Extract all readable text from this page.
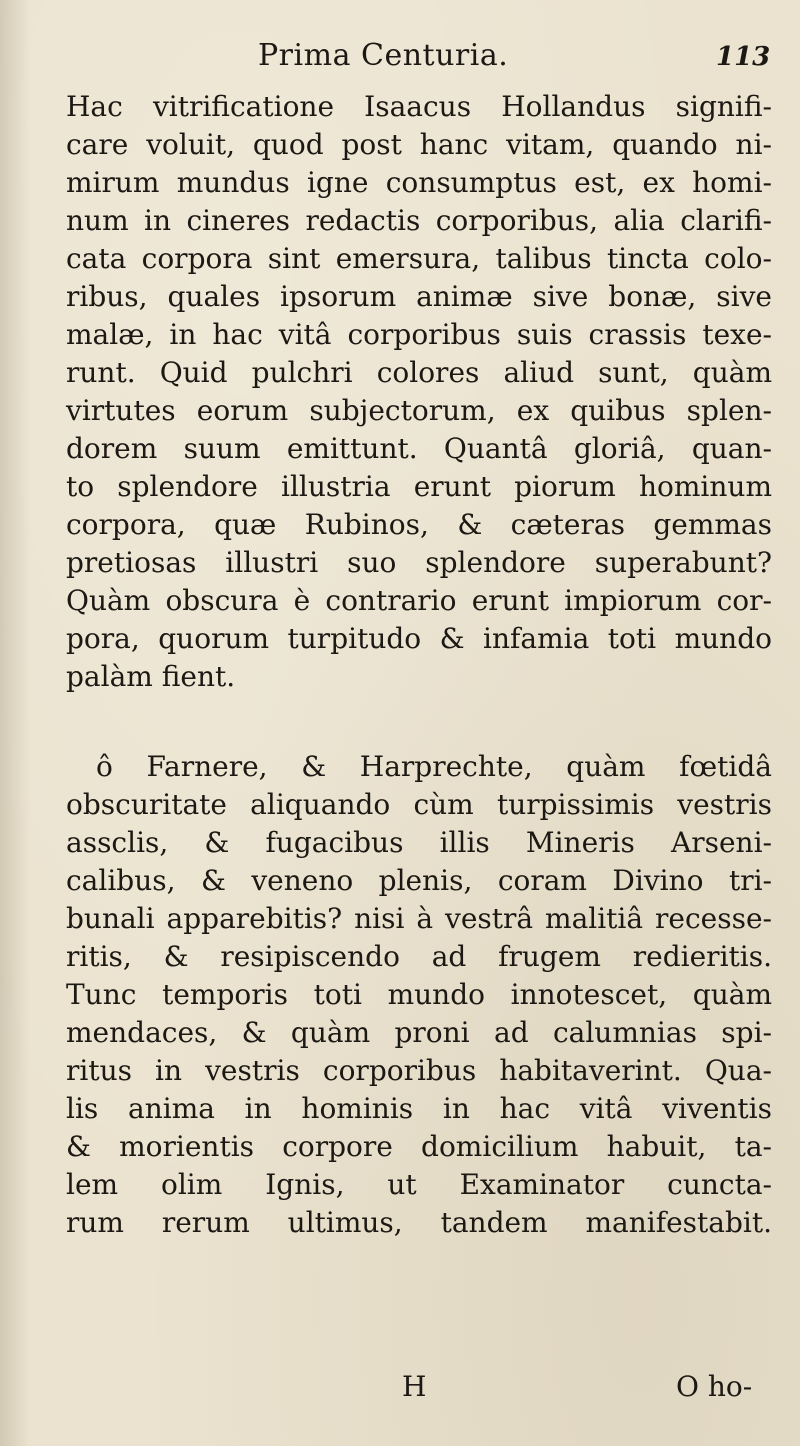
Prima Centuria.	113
Hac vitrificatione Isaacus Hollandus signifi-
care voluit, quod post hanc vitam, quando ni-
mirum mundus igne consumptus est, ex homi-
num in cineres redactis corporibus, alia clarifi-
cata corpora sint emersura, talibus tincta colo-
ribus, quales ipsorum animæ sive bonæ, sive
malæ, in hac vitâ corporibus suis crassis texe-
runt. Quid pulchri colores aliud sunt, quàm
virtutes eorum subjectorum, ex quibus splen-
dorem suum emittunt. Quantâ gloriâ, quan-
to splendore illustria erunt piorum hominum
corpora, quæ Rubinos, & cæteras gemmas
pretiosas illustri suo splendore superabunt?
Quàm obscura è contrario erunt impiorum cor-
pora, quorum turpitudo & infamia toti mundo
palàm fient.
ô Farnere, & Harprechte, quàm fœtidâ
obscuritate aliquando cùm turpissimis vestris
assclis, & fugacibus illis Mineris Arseni-
calibus, & veneno plenis, coram Divino tri-
bunali apparebitis? nisi à vestrâ malitiâ recesse-
ritis, & resipiscendo ad frugem redieritis.
Tunc temporis toti mundo innotescet, quàm
mendaces, & quàm proni ad calumnias spi-
ritus in vestris corporibus habitaverint. Qua-
lis anima in hominis in hac vitâ viventis
& morientis corpore domicilium habuit, ta-
lem olim Ignis, ut Examinator cuncta-
rum rerum ultimus, tandem manifestabit.
H	O ho-
